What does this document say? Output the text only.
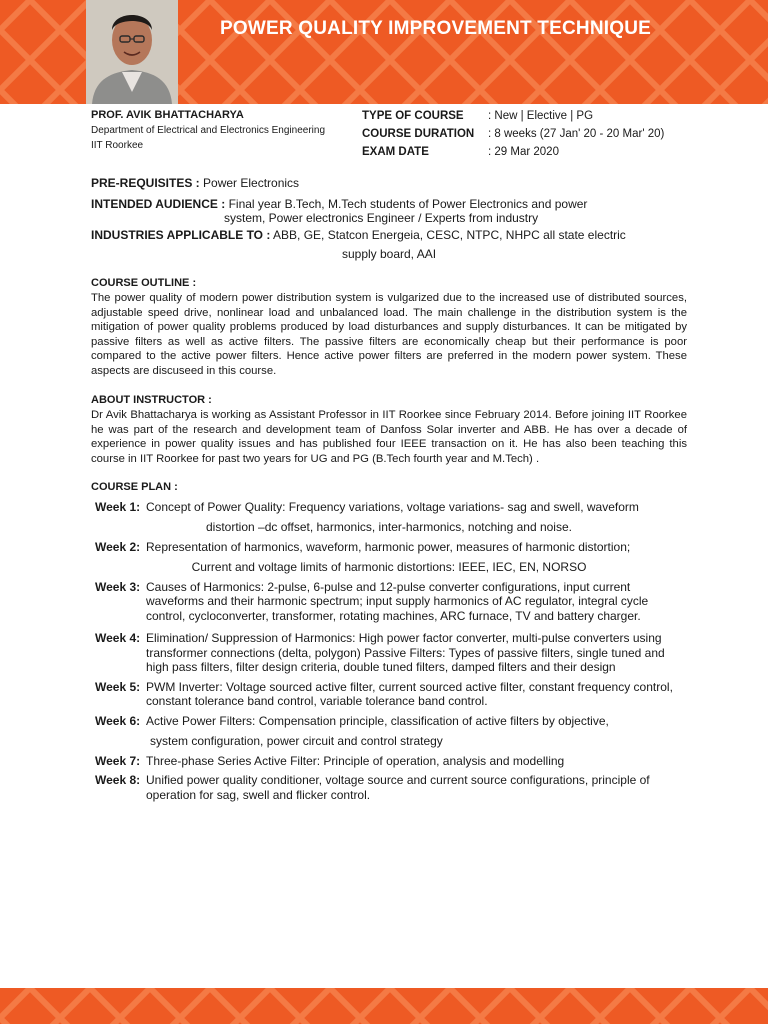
POWER QUALITY IMPROVEMENT TECHNIQUE
PROF. AVIK BHATTACHARYA
Department of Electrical and Electronics Engineering
IIT Roorkee
TYPE OF COURSE	: New | Elective | PG
COURSE DURATION	: 8 weeks (27 Jan' 20 - 20 Mar' 20)
EXAM DATE	: 29 Mar 2020

PRE-REQUISITES : Power Electronics

INTENDED AUDIENCE : Final year B.Tech, M.Tech students of Power Electronics and power

system, Power electronics Engineer / Experts from industry

INDUSTRIES APPLICABLE TO : ABB, GE, Statcon Energeia, CESC, NTPC, NHPC all state electric

supply board, AAI

COURSE OUTLINE :
The power quality of modern power distribution system is vulgarized due to the increased use of distributed sources, adjustable speed drive, nonlinear load and unbalanced load. The main challenge in the distribution system is the mitigation of power quality problems produced by load disturbances and supply disturbances. It can be mitigated by passive filters as well as active filters. The passive filters are economically cheap but their performance is poor compared to the active power filters. Hence active power filters are preferred in the modern power system. These aspects are discuseed in this course.
ABOUT INSTRUCTOR :
Dr Avik Bhattacharya is working as Assistant Professor in IIT Roorkee since February 2014. Before joining IIT Roorkee he was part of the research and development team of Danfoss Solar inverter and ABB. He has over a decade of experience in power quality issues and has published four IEEE transaction on it. He has also been teaching this course in IIT Roorkee for past two years for UG and PG (B.Tech fourth year and M.Tech) .
COURSE PLAN :
Week 1: Concept of Power Quality: Frequency variations, voltage variations- sag and swell, waveform
distortion –dc offset, harmonics, inter-harmonics, notching and noise.
Week 2: Representation of harmonics, waveform, harmonic power, measures of harmonic distortion;
Current and voltage limits of harmonic distortions: IEEE, IEC, EN, NORSO
Week 3: Causes of Harmonics: 2-pulse, 6-pulse and 12-pulse converter configurations, input current waveforms and their harmonic spectrum; input supply harmonics of AC regulator, integral cycle control, cycloconverter, transformer, rotating machines, ARC furnace, TV and battery charger.
Week 4: Elimination/ Suppression of Harmonics: High power factor converter, multi-pulse converters using transformer connections (delta, polygon) Passive Filters: Types of passive filters, single tuned and high pass filters, filter design criteria, double tuned filters, damped filters and their design
Week 5: PWM Inverter: Voltage sourced active filter, current sourced active filter, constant frequency control, constant tolerance band control, variable tolerance band control.
Week 6: Active Power Filters: Compensation principle, classification of active filters by objective,
system configuration, power circuit and control strategy
Week 7: Three-phase Series Active Filter: Principle of operation, analysis and modelling
Week 8: Unified power quality conditioner, voltage source and current source configurations, principle of operation for sag, swell and flicker control.
